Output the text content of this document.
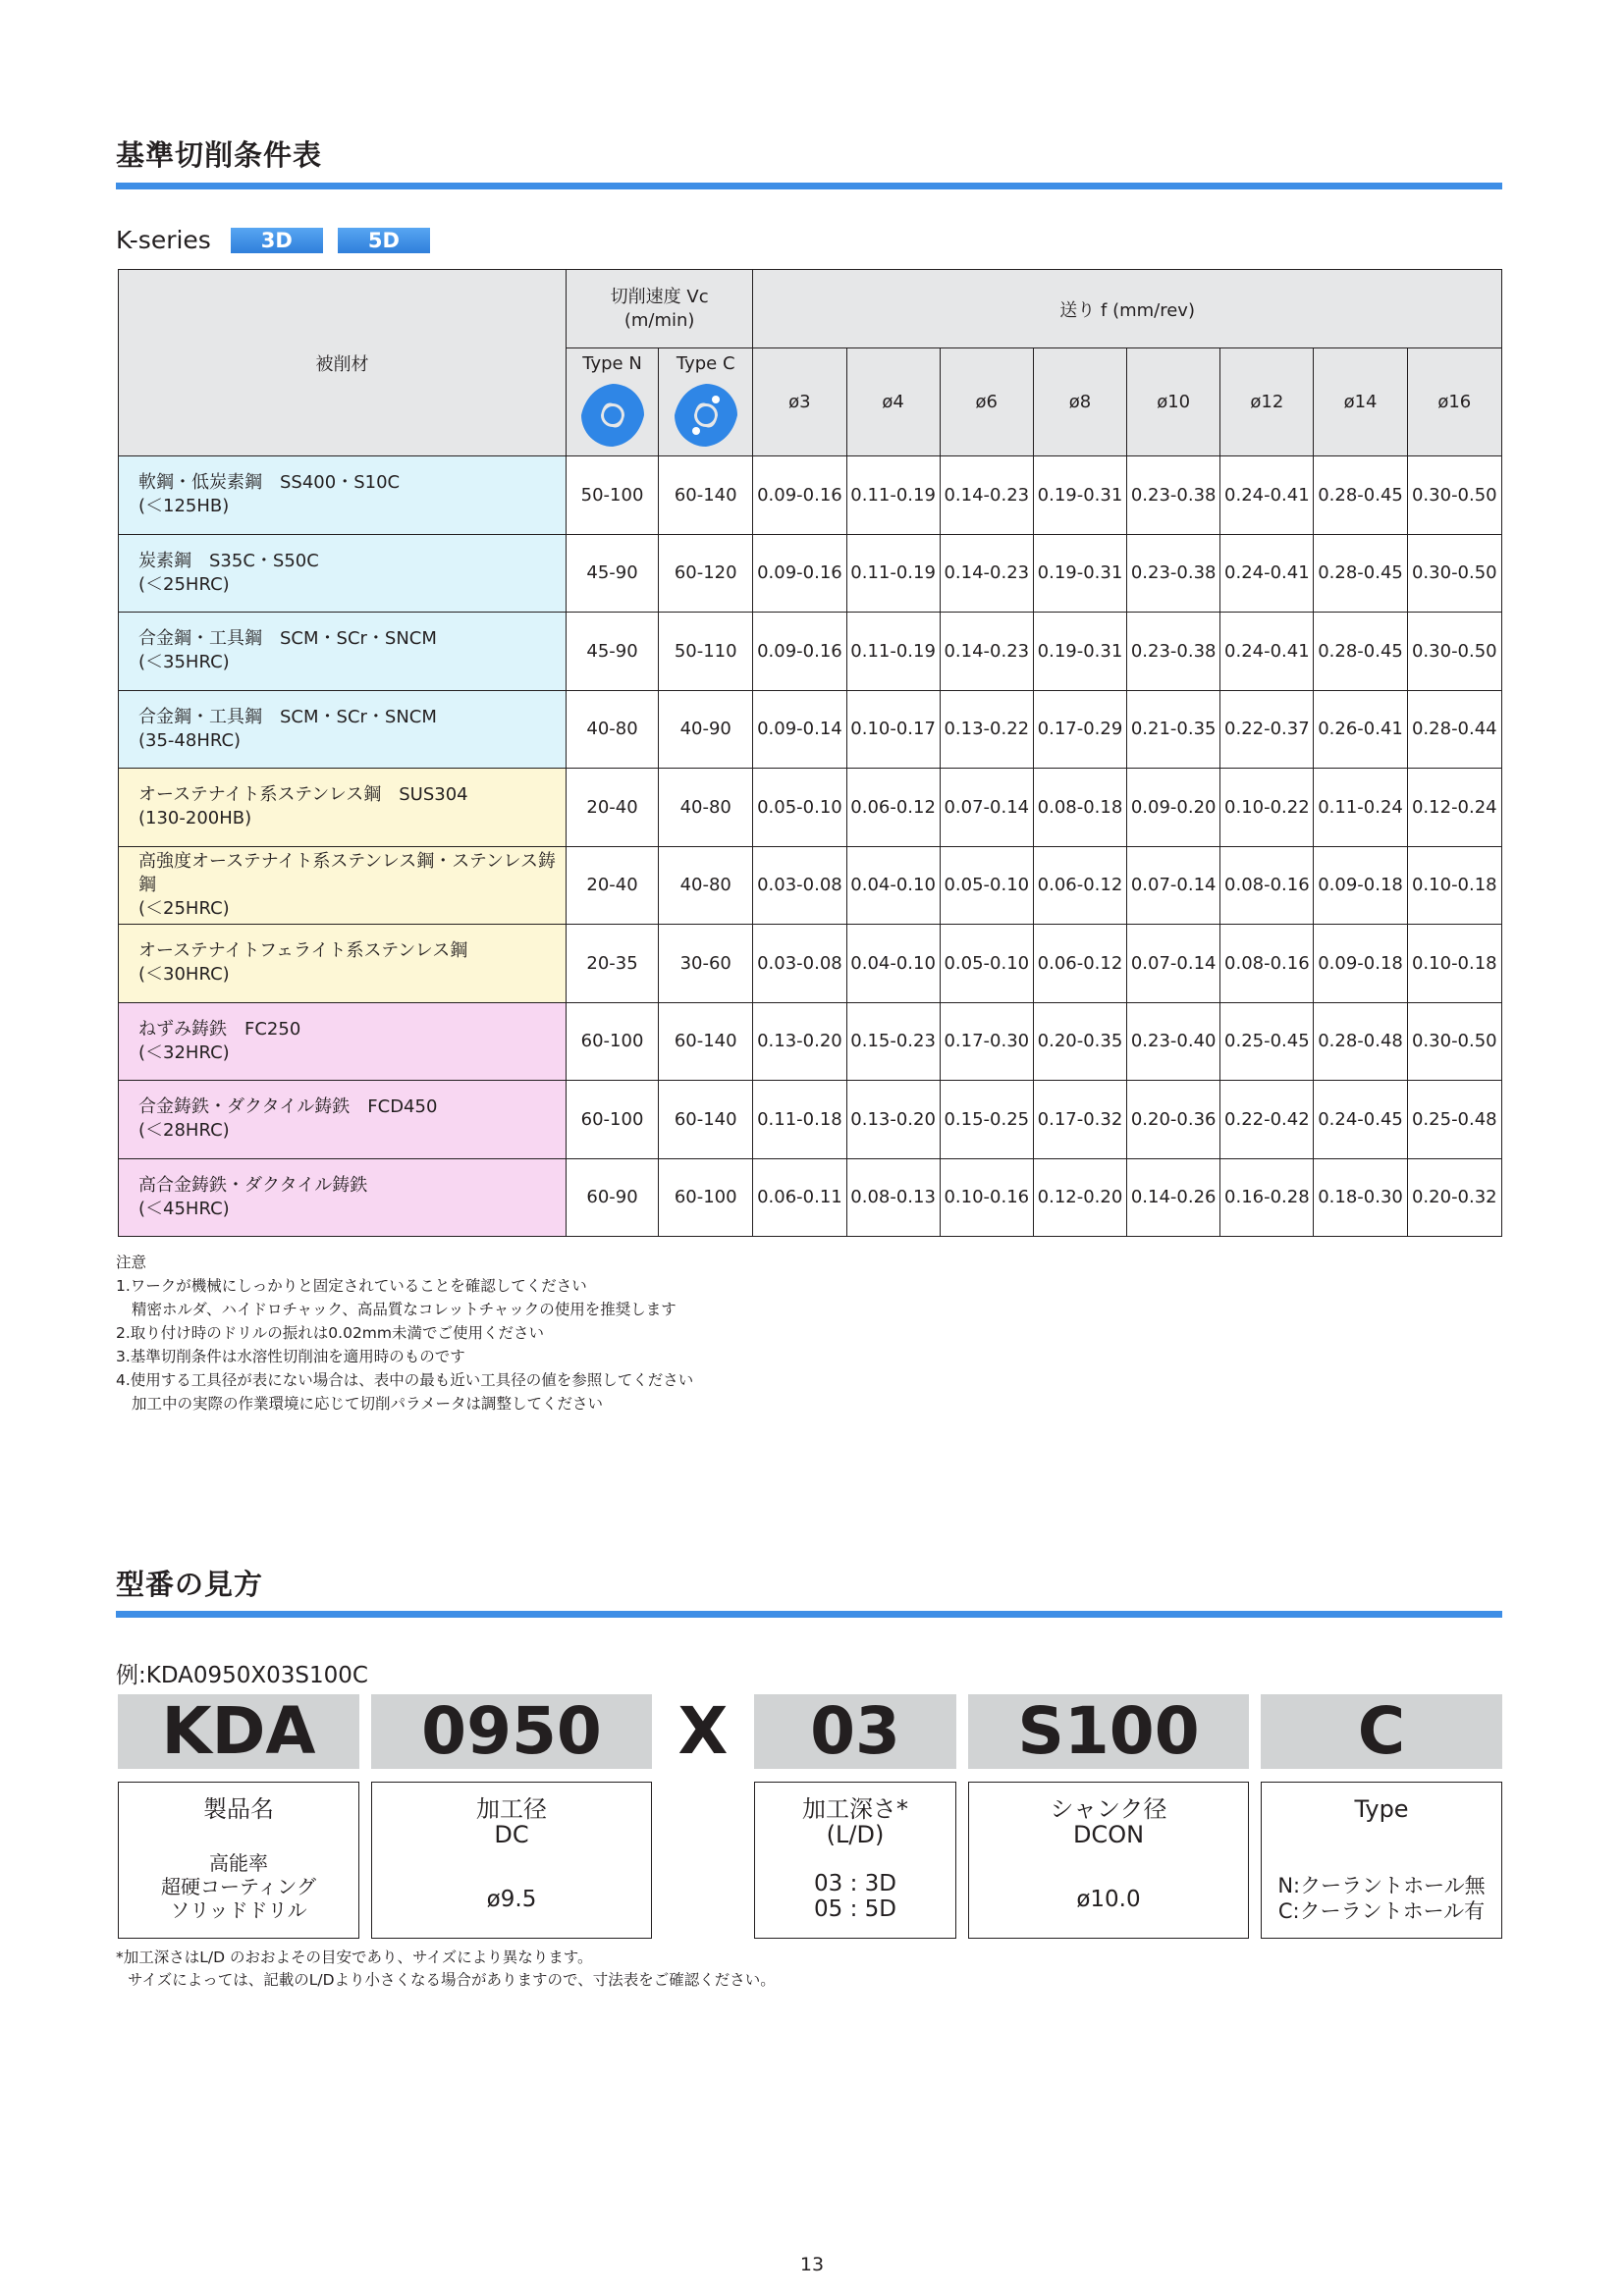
基準切削条件表
K-series	3D	5D
被削材	切削速度 Vc
(m/min)		送り f (mm/rev)							

	Type N	Type C	ø3	ø4	ø6	ø8	ø10	ø12	ø14	ø16

軟鋼・低炭素鋼　SS400・S10C
(＜125HB)	50-100	60-140	0.09-0.16	0.11-0.19	0.14-0.23	0.19-0.31	0.23-0.38	0.24-0.41	0.28-0.45	0.30-0.50

炭素鋼　S35C・S50C
(＜25HRC)	45-90	60-120	0.09-0.16	0.11-0.19	0.14-0.23	0.19-0.31	0.23-0.38	0.24-0.41	0.28-0.45	0.30-0.50

合金鋼・工具鋼　SCM・SCr・SNCM
(＜35HRC)	45-90	50-110	0.09-0.16	0.11-0.19	0.14-0.23	0.19-0.31	0.23-0.38	0.24-0.41	0.28-0.45	0.30-0.50

合金鋼・工具鋼　SCM・SCr・SNCM
(35-48HRC)	40-80	40-90	0.09-0.14	0.10-0.17	0.13-0.22	0.17-0.29	0.21-0.35	0.22-0.37	0.26-0.41	0.28-0.44

オーステナイト系ステンレス鋼　SUS304
(130-200HB)	20-40	40-80	0.05-0.10	0.06-0.12	0.07-0.14	0.08-0.18	0.09-0.20	0.10-0.22	0.11-0.24	0.12-0.24

高強度オーステナイト系ステンレス鋼・ステンレス鋳鋼
(＜25HRC)	20-40	40-80	0.03-0.08	0.04-0.10	0.05-0.10	0.06-0.12	0.07-0.14	0.08-0.16	0.09-0.18	0.10-0.18

オーステナイトフェライト系ステンレス鋼
(＜30HRC)	20-35	30-60	0.03-0.08	0.04-0.10	0.05-0.10	0.06-0.12	0.07-0.14	0.08-0.16	0.09-0.18	0.10-0.18

ねずみ鋳鉄　FC250
(＜32HRC)	60-100	60-140	0.13-0.20	0.15-0.23	0.17-0.30	0.20-0.35	0.23-0.40	0.25-0.45	0.28-0.48	0.30-0.50

合金鋳鉄・ダクタイル鋳鉄　FCD450
(＜28HRC)	60-100	60-140	0.11-0.18	0.13-0.20	0.15-0.25	0.17-0.32	0.20-0.36	0.22-0.42	0.24-0.45	0.25-0.48

高合金鋳鉄・ダクタイル鋳鉄
(＜45HRC)	60-90	60-100	0.06-0.11	0.08-0.13	0.10-0.16	0.12-0.20	0.14-0.26	0.16-0.28	0.18-0.30	0.20-0.32
注意
1.ワークが機械にしっかりと固定されていることを確認してください
精密ホルダ、ハイドロチャック、高品質なコレットチャックの使用を推奨します
2.取り付け時のドリルの振れは0.02mm未満でご使用ください
3.基準切削条件は水溶性切削油を適用時のものです
4.使用する工具径が表にない場合は、表中の最も近い工具径の値を参照してください
加工中の実際の作業環境に応じて切削パラメータは調整してください
型番の見方
例:KDA0950X03S100C
KDA	0950	X	03	S100	C
製品名
高能率
超硬コーティング
ソリッドドリル
加工径
DC
ø9.5
加工深さ*
(L/D)
03 : 3D
05 : 5D
シャンク径
DCON
ø10.0
Type
N:クーラントホール無
C:クーラントホール有
*加工深さはL/D のおおよその目安であり、サイズにより異なります。
サイズによっては、記載のL/Dより小さくなる場合がありますので、寸法表をご確認ください。
13
